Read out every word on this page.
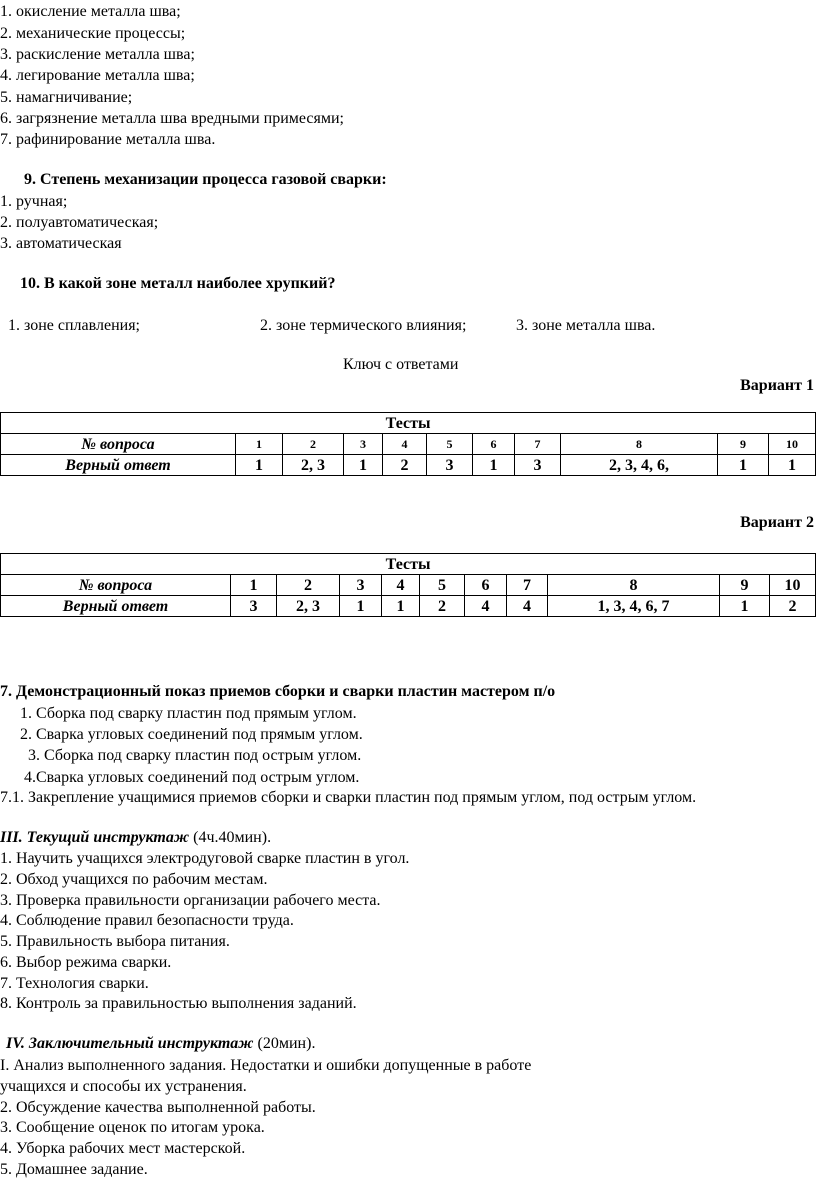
1. окисление металла шва;
2. механические процессы;
3. раскисление металла шва;
4. легирование металла шва;
5. намагничивание;
6. загрязнение металла шва вредными примесями;
7. рафинирование металла шва.
9. Степень механизации процесса газовой сварки:
1. ручная;
2. полуавтоматическая;
3. автоматическая
10. В какой зоне металл наиболее хрупкий?
1. зоне сплавления;	2. зоне термического влияния;	3. зоне металла шва.
Ключ с ответами
Вариант 1
Тесты										
№ вопроса	1	2	3	4	5	6	7	8	9	10
Верный ответ	1	2, 3	1	2	3	1	3	2, 3, 4, 6,	1	1
Вариант 2
Тесты										
№ вопроса	1	2	3	4	5	6	7	8	9	10
Верный ответ	3	2, 3	1	1	2	4	4	1, 3, 4, 6, 7	1	2
7. Демонстрационный показ приемов сборки и сварки пластин мастером п/о
1. Сборка под сварку пластин под прямым углом.
2. Сварка угловых соединений под прямым углом.
3. Сборка под сварку пластин под острым углом.
4.Сварка угловых соединений под острым углом.
7.1. Закрепление учащимися приемов сборки и сварки пластин под прямым углом, под острым углом.
III. Текущий инструктаж (4ч.40мин).
1. Научить учащихся электродуговой сварке пластин в угол.
2. Обход учащихся по рабочим местам.
3. Проверка правильности организации рабочего места.
4. Соблюдение правил безопасности труда.
5. Правильность выбора питания.
6. Выбор режима сварки.
7. Технология сварки.
8. Контроль за правильностью выполнения заданий.
IV. Заключительный инструктаж (20мин).
I. Анализ выполненного задания. Недостатки и ошибки допущенные в работе
учащихся и способы их устранения.
2. Обсуждение качества выполненной работы.
3. Сообщение оценок по итогам урока.
4. Уборка рабочих мест мастерской.
5. Домашнее задание.
